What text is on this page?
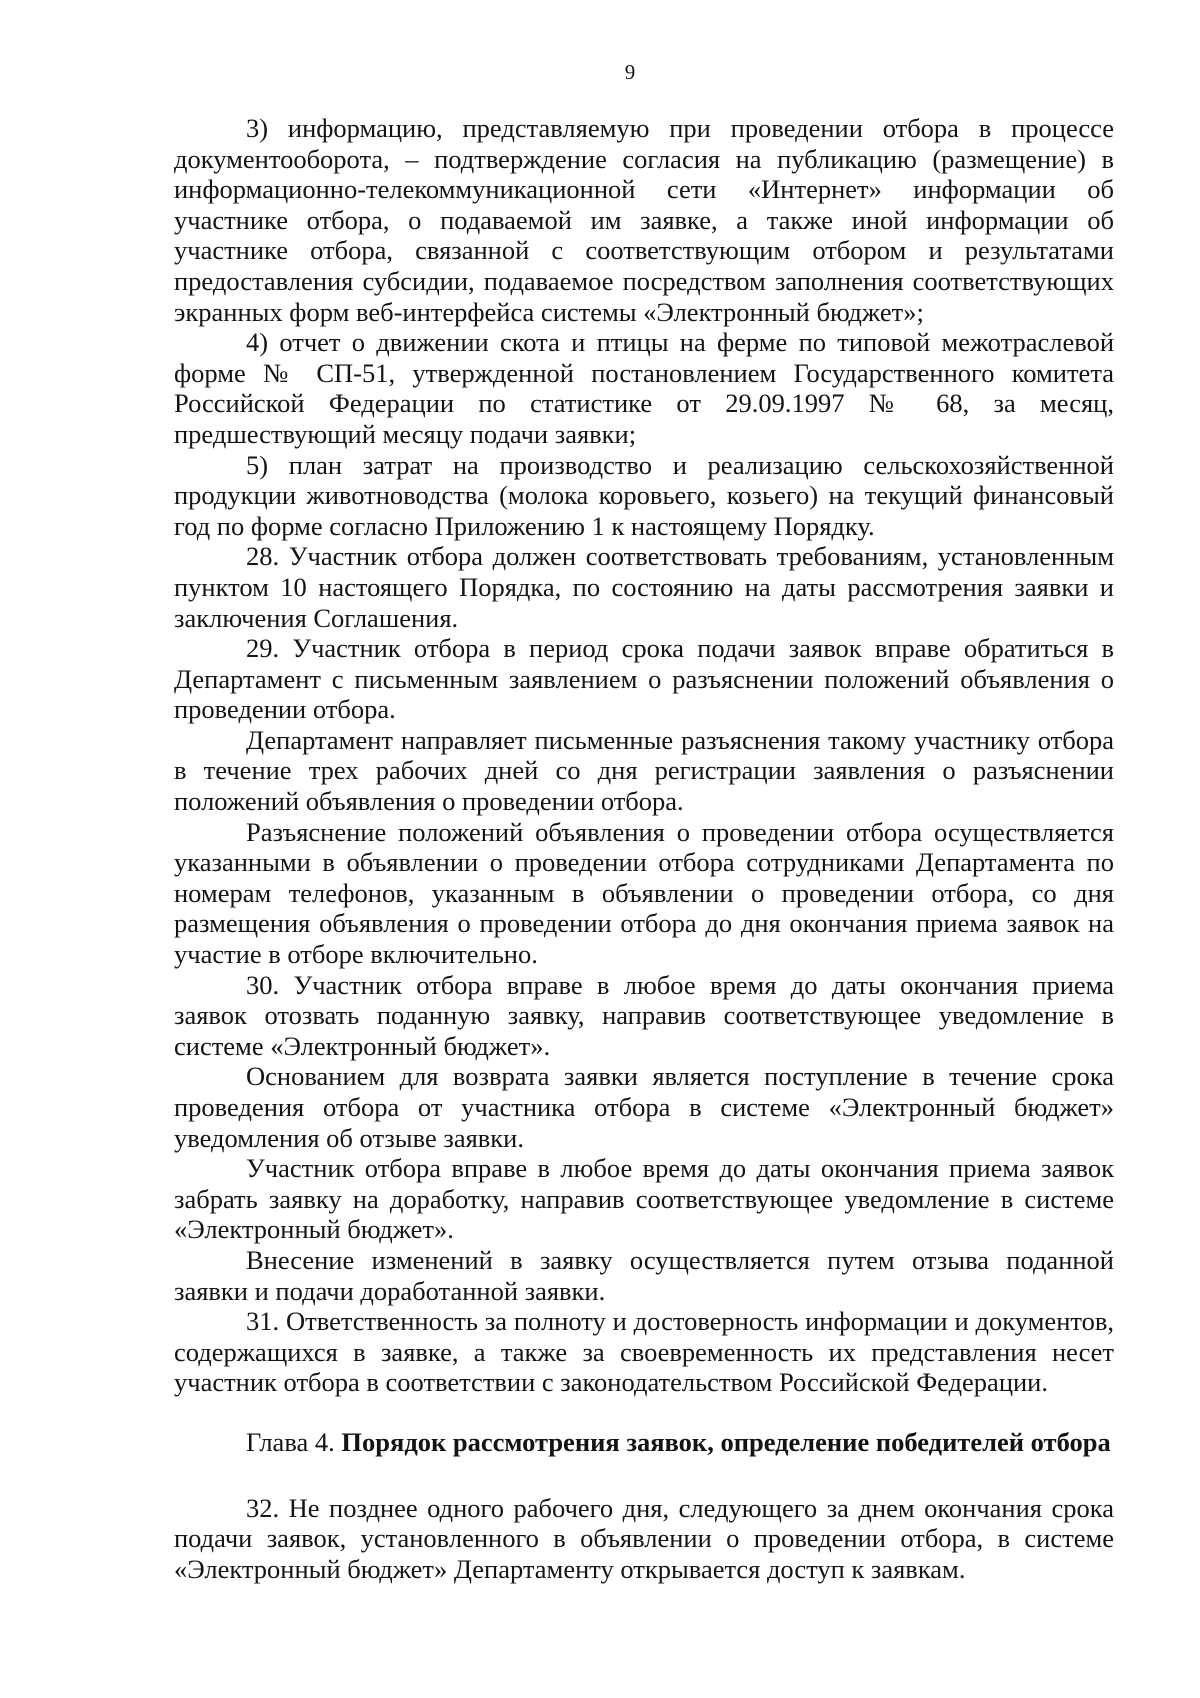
9

3) информацию, представляемую при проведении отбора в процессе документооборота, – подтверждение согласия на публикацию (размещение) в информационно-телекоммуникационной сети «Интернет» информации об участнике отбора, о подаваемой им заявке, а также иной информации об участнике отбора, связанной с соответствующим отбором и результатами предоставления субсидии, подаваемое посредством заполнения соответствующих экранных форм веб-интерфейса системы «Электронный бюджет»;

4) отчет о движении скота и птицы на ферме по типовой межотраслевой форме № СП-51, утвержденной постановлением Государственного комитета Российской Федерации по статистике от 29.09.1997 № 68, за месяц, предшествующий месяцу подачи заявки;

5) план затрат на производство и реализацию сельскохозяйственной продукции животноводства (молока коровьего, козьего) на текущий финансовый год по форме согласно Приложению 1 к настоящему Порядку.

28. Участник отбора должен соответствовать требованиям, установленным пунктом 10 настоящего Порядка, по состоянию на даты рассмотрения заявки и заключения Соглашения.

29. Участник отбора в период срока подачи заявок вправе обратиться в Департамент с письменным заявлением о разъяснении положений объявления о проведении отбора.

Департамент направляет письменные разъяснения такому участнику отбора в течение трех рабочих дней со дня регистрации заявления о разъяснении положений объявления о проведении отбора.

Разъяснение положений объявления о проведении отбора осуществляется указанными в объявлении о проведении отбора сотрудниками Департамента по номерам телефонов, указанным в объявлении о проведении отбора, со дня размещения объявления о проведении отбора до дня окончания приема заявок на участие в отборе включительно.

30. Участник отбора вправе в любое время до даты окончания приема заявок отозвать поданную заявку, направив соответствующее уведомление в системе «Электронный бюджет».

Основанием для возврата заявки является поступление в течение срока проведения отбора от участника отбора в системе «Электронный бюджет» уведомления об отзыве заявки.

Участник отбора вправе в любое время до даты окончания приема заявок забрать заявку на доработку, направив соответствующее уведомление в системе «Электронный бюджет».

Внесение изменений в заявку осуществляется путем отзыва поданной заявки и подачи доработанной заявки.

31. Ответственность за полноту и достоверность информации и документов, содержащихся в заявке, а также за своевременность их представления несет участник отбора в соответствии с законодательством Российской Федерации.

Глава 4. Порядок рассмотрения заявок, определение победителей отбора

32. Не позднее одного рабочего дня, следующего за днем окончания срока подачи заявок, установленного в объявлении о проведении отбора, в системе «Электронный бюджет» Департаменту открывается доступ к заявкам.
